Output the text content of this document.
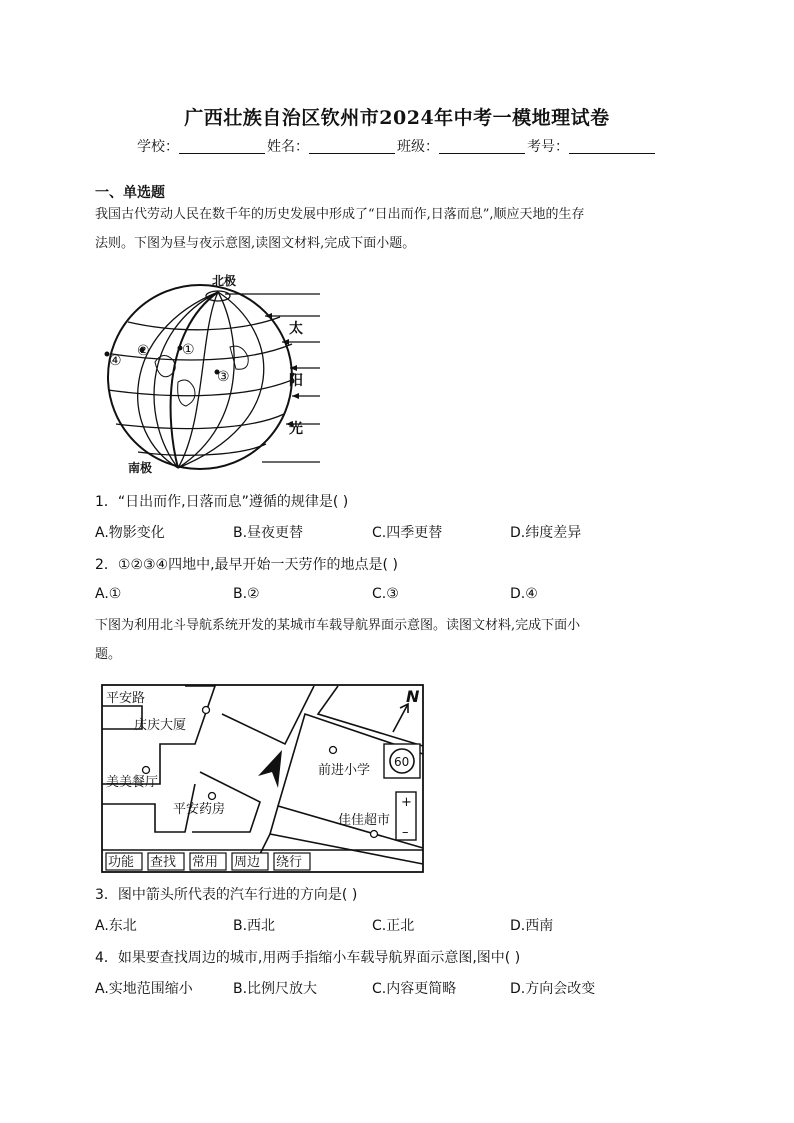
广西壮族自治区钦州市2024年中考一模地理试卷
学校：	姓名：	班级：	考号：
一、单选题
我国古代劳动人民在数千年的历史发展中形成了“日出而作,日落而息”,顺应天地的生存
法则。下图为昼与夜示意图,读图文材料,完成下面小题。
北极
南极
太
阳
光
④
② ①
③
1．“日出而作,日落而息”遵循的规律是( )
A.物影变化	B.昼夜更替	C.四季更替	D.纬度差异
2．①②③④四地中,最早开始一天劳作的地点是( )
A.①	B.②	C.③	D.④
下图为利用北斗导航系统开发的某城市车载导航界面示意图。读图文材料,完成下面小
题。
平安路
庆庆大厦
美美餐厅
平安药房
前进小学
佳佳超市
N
60
+
–
功能 查找 常用 周边 绕行
3．图中箭头所代表的汽车行进的方向是( )
A.东北	B.西北	C.正北	D.西南
4．如果要查找周边的城市,用两手指缩小车载导航界面示意图,图中( )
A.实地范围缩小	B.比例尺放大	C.内容更简略	D.方向会改变
